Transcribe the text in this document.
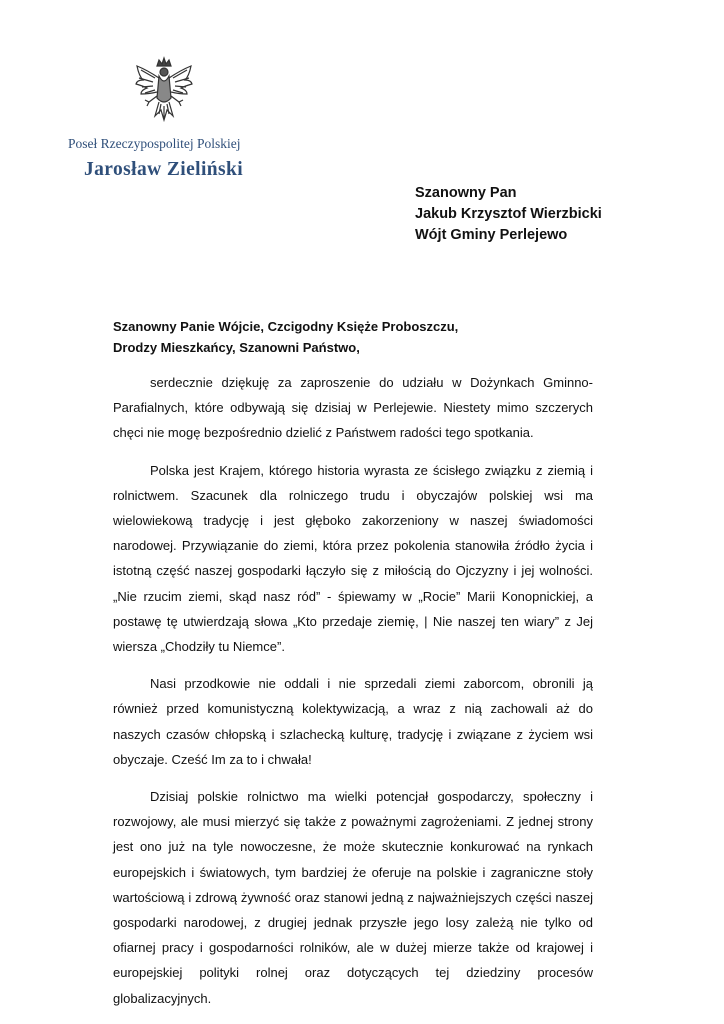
Poseł Rzeczypospolitej Polskiej
Jarosław Zieliński
Szanowny Pan
Jakub Krzysztof Wierzbicki
Wójt Gminy Perlejewo
Szanowny Panie Wójcie, Czcigodny Księże Proboszczu,
Drodzy Mieszkańcy, Szanowni Państwo,

serdecznie dziękuję za zaproszenie do udziału w Dożynkach Gminno-Parafialnych, które odbywają się dzisiaj w Perlejewie. Niestety mimo szczerych chęci nie mogę bezpośrednio dzielić z Państwem radości tego spotkania.

Polska jest Krajem, którego historia wyrasta ze ścisłego związku z ziemią i rolnictwem. Szacunek dla rolniczego trudu i obyczajów polskiej wsi ma wielowiekową tradycję i jest głęboko zakorzeniony w naszej świadomości narodowej. Przywiązanie do ziemi, która przez pokolenia stanowiła źródło życia i istotną część naszej gospodarki łączyło się z miłością do Ojczyzny i jej wolności. „Nie rzucim ziemi, skąd nasz ród” - śpiewamy w „Rocie” Marii Konopnickiej, a postawę tę utwierdzają słowa „Kto przedaje ziemię, | Nie naszej ten wiary” z Jej wiersza „Chodziły tu Niemce”.

Nasi przodkowie nie oddali i nie sprzedali ziemi zaborcom, obronili ją również przed komunistyczną kolektywizacją, a wraz z nią zachowali aż do naszych czasów chłopską i szlachecką kulturę, tradycję i związane z życiem wsi obyczaje. Cześć Im za to i chwała!

Dzisiaj polskie rolnictwo ma wielki potencjał gospodarczy, społeczny i rozwojowy, ale musi mierzyć się także z poważnymi zagrożeniami. Z jednej strony jest ono już na tyle nowoczesne, że może skutecznie konkurować na rynkach europejskich i światowych, tym bardziej że oferuje na polskie i zagraniczne stoły wartościową i zdrową żywność oraz stanowi jedną z najważniejszych części naszej gospodarki narodowej, z drugiej jednak przyszłe jego losy zależą nie tylko od ofiarnej pracy i gospodarności rolników, ale w dużej mierze także od krajowej i europejskiej polityki rolnej oraz dotyczących tej dziedziny procesów globalizacyjnych.
